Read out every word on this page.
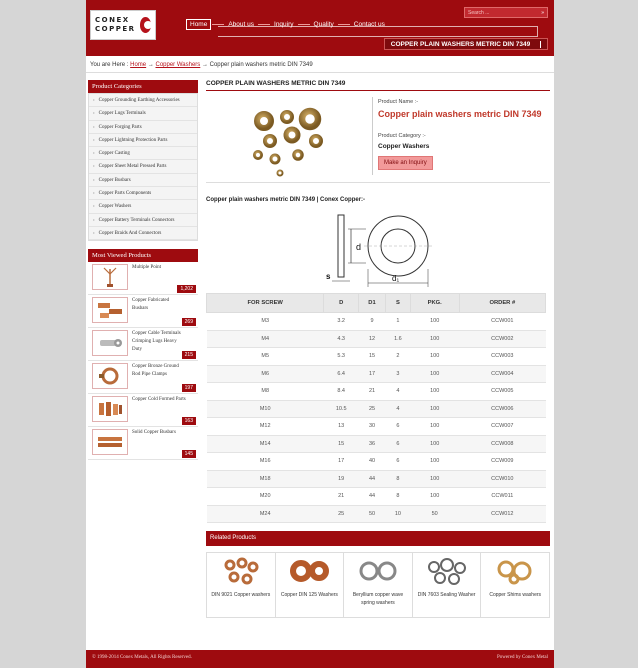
CONEX
COPPER
Home	About us	Inquiry	Quality	Contact us
Search ...	»
COPPER PLAIN WASHERS METRIC DIN 7349
You are Here : Home → Copper Washers → Copper plain washers metric DIN 7349
Product Categories
› Copper Grounding Earthing Accessories
› Copper Lugs Terminals
› Copper Forging Parts
› Copper Lightning Protection Parts
› Copper Casting
› Copper Sheet Metal Pressed Parts
› Copper Busbars
› Copper Parts Components
› Copper Washers
› Copper Battery Terminals Connectors
› Copper Braids And Connectors
Most Viewed Products
Multiple Point
1,202
Copper Fabricated Busbars
269
Copper Cable Terminals Crimping Lugs Heavy Duty
215
Copper Bronze Ground Rod Pipe Clamps
197
Copper Cold Formed Parts
163
Solid Copper Busbars
145
COPPER PLAIN WASHERS METRIC DIN 7349
Product Name :-
Copper plain washers metric DIN 7349
Product Category :-
Copper Washers
Make an Inquiry
Copper plain washers metric DIN 7349 | Conex Copper:-
d
s	d₁
FOR SCREW	D	D1	S	PKG.	ORDER #
M3	3.2	9	1	100	CCW001
M4	4.3	12	1.6	100	CCW002
M5	5.3	15	2	100	CCW003
M6	6.4	17	3	100	CCW004
M8	8.4	21	4	100	CCW005
M10	10.5	25	4	100	CCW006
M12	13	30	6	100	CCW007
M14	15	36	6	100	CCW008
M16	17	40	6	100	CCW009
M18	19	44	8	100	CCW010
M20	21	44	8	100	CCW011
M24	25	50	10	50	CCW012
Related Products
DIN 9021 Copper washers	Copper DIN 125 Washers	Beryllium copper wave spring washers
DIN 7603 Sealing Washer	Copper Shims washers
© 1998-2014 Conex Metals, All Rights Reserved.	Powered by Conex Metal
